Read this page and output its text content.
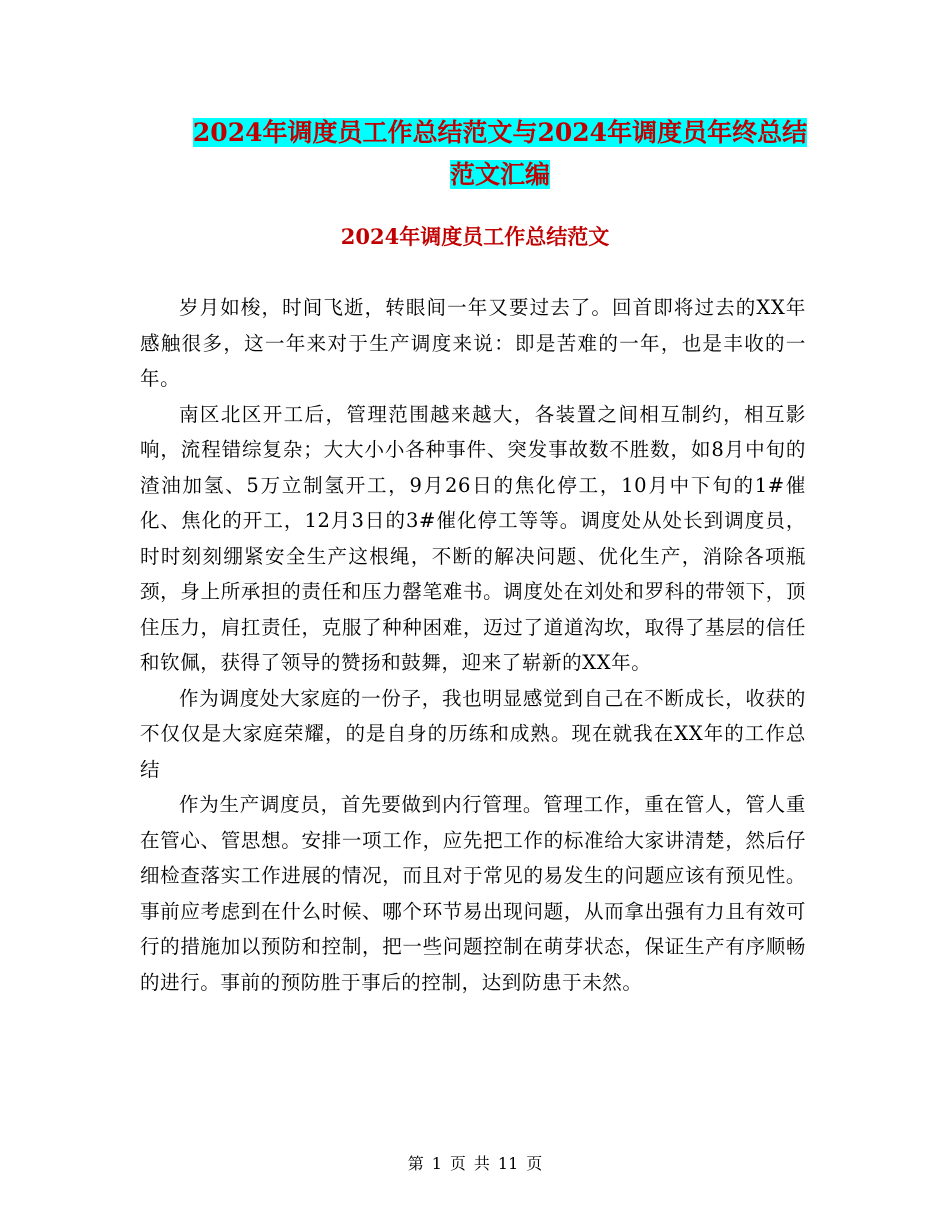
2024年调度员工作总结范文与2024年调度员年终总结
范文汇编
2024年调度员工作总结范文

岁月如梭，时间飞逝，转眼间一年又要过去了。回首即将过去的XX年感触很多，这一年来对于生产调度来说：即是苦难的一年，也是丰收的一年。

南区北区开工后，管理范围越来越大，各装置之间相互制约，相互影响，流程错综复杂；大大小小各种事件、突发事故数不胜数，如8月中旬的渣油加氢、5万立制氢开工，9月26日的焦化停工，10月中下旬的1#催化、焦化的开工，12月3日的3#催化停工等等。调度处从处长到调度员，时时刻刻绷紧安全生产这根绳，不断的解决问题、优化生产，消除各项瓶颈，身上所承担的责任和压力罄笔难书。调度处在刘处和罗科的带领下，顶住压力，肩扛责任，克服了种种困难，迈过了道道沟坎，取得了基层的信任和钦佩，获得了领导的赞扬和鼓舞，迎来了崭新的XX年。

作为调度处大家庭的一份子，我也明显感觉到自己在不断成长，收获的不仅仅是大家庭荣耀，的是自身的历练和成熟。现在就我在XX年的工作总结

作为生产调度员，首先要做到内行管理。管理工作，重在管人，管人重在管心、管思想。安排一项工作，应先把工作的标准给大家讲清楚，然后仔细检查落实工作进展的情况，而且对于常见的易发生的问题应该有预见性。事前应考虑到在什么时候、哪个环节易出现问题，从而拿出强有力且有效可行的措施加以预防和控制，把一些问题控制在萌芽状态，保证生产有序顺畅的进行。事前的预防胜于事后的控制，达到防患于未然。

第 1 页 共 11 页
